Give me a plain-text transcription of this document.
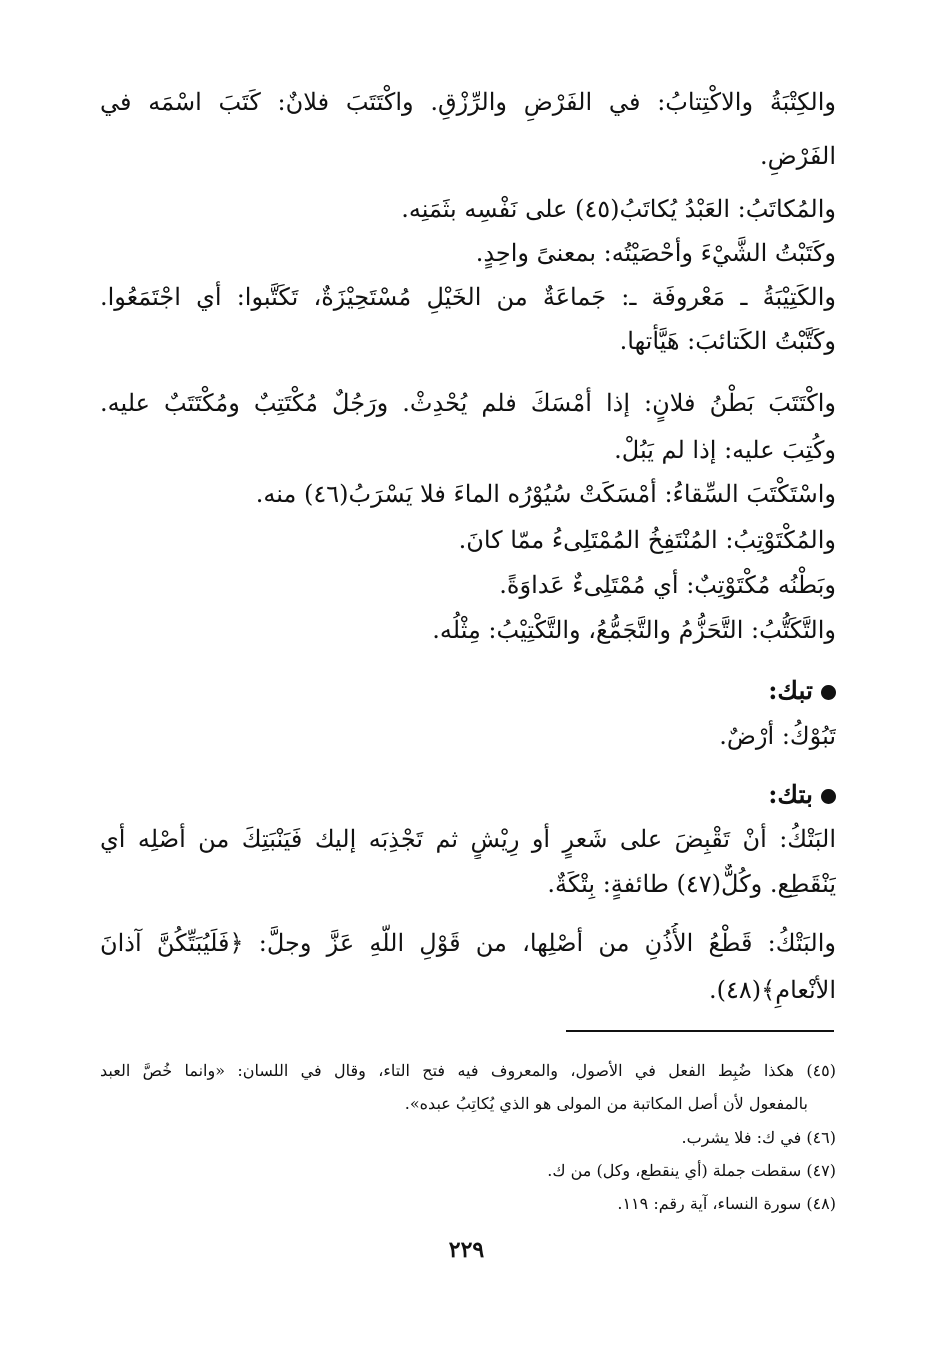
والكِتْبَةُ والاكْتِتابُ: في الفَرْضِ والرِّزْقِ. واكْتَتَبَ فلانٌ: كَتَبَ اسْمَه في
الفَرْضِ.
والمُكاتَبُ: العَبْدُ يُكاتَبُ(٤٥) على نَفْسِه بثَمَنِه.
وكَتَبْتُ الشَّيْءَ وأحْصَيْتُه: بمعنىً واحِدٍ.
والكَتِيْبَةُ ـ مَعْروفَة ـ: جَماعَةٌ من الخَيْلِ مُسْتَحِيْزَةٌ، تَكَتَّبوا: أي اجْتَمَعُوا.
وكَتَّبْتُ الكَتائبَ: هَيَّأتها.
واكْتَتَبَ بَطْنُ فلانٍ: إذا أمْسَكَ فلم يُحْدِثْ. ورَجُلٌ مُكْتَتِبٌ ومُكْتَتَبٌ عليه.
وكُتِبَ عليه: إذا لم يَبُلْ.
واسْتَكْتَبَ السِّقاءُ: أمْسَكَتْ سُيُوْرُه الماءَ فلا يَسْرَبُ(٤٦) منه.
والمُكْتَوْتِبُ: المُنْتَفِخُ المُمْتَلِىءُ ممّا كانَ.
وبَطْنُه مُكْتَوْتِبٌ: أي مُمْتَلِىءٌ عَداوَةً.
والتَّكَتُّبُ: التَّحَزُّمُ والتَّجَمُّعُ، والتَّكْتِيْبُ: مِثْلُه.
تبك:
تَبُوْكُ: أرْضٌ.
بتك:
البَتْكُ: أنْ تَقْبِضَ على شَعرٍ أو رِيْشٍ ثم تَجْذِبَه إليك فَيَنْبَتِكَ من أصْلِه أي
يَنْقَطِع. وكُلٌّ(٤٧) طائفةٍ: بِتْكَةٌ.
والبَتْكُ: قَطْعُ الأُذُنِ من أصْلِها، من قَوْلِ اللّهِ عَزَّ وجلَّ: ﴿فَلَيُبَتِّكُنَّ آذانَ
الأنْعامِ﴾(٤٨).
(٤٥) هكذا ضُبِط الفعل في الأصول، والمعروف فيه فتح التاء، وقال في اللسان: «وانما خُصَّ العبد
بالمفعول لأن أصل المكاتبة من المولى هو الذي يُكاتِبُ عبده».
(٤٦) في ك: فلا يشرب.
(٤٧) سقطت جملة (أي ينقطع، وكل) من ك.
(٤٨) سورة النساء، آية رقم: ١١٩.
٢٢٩
